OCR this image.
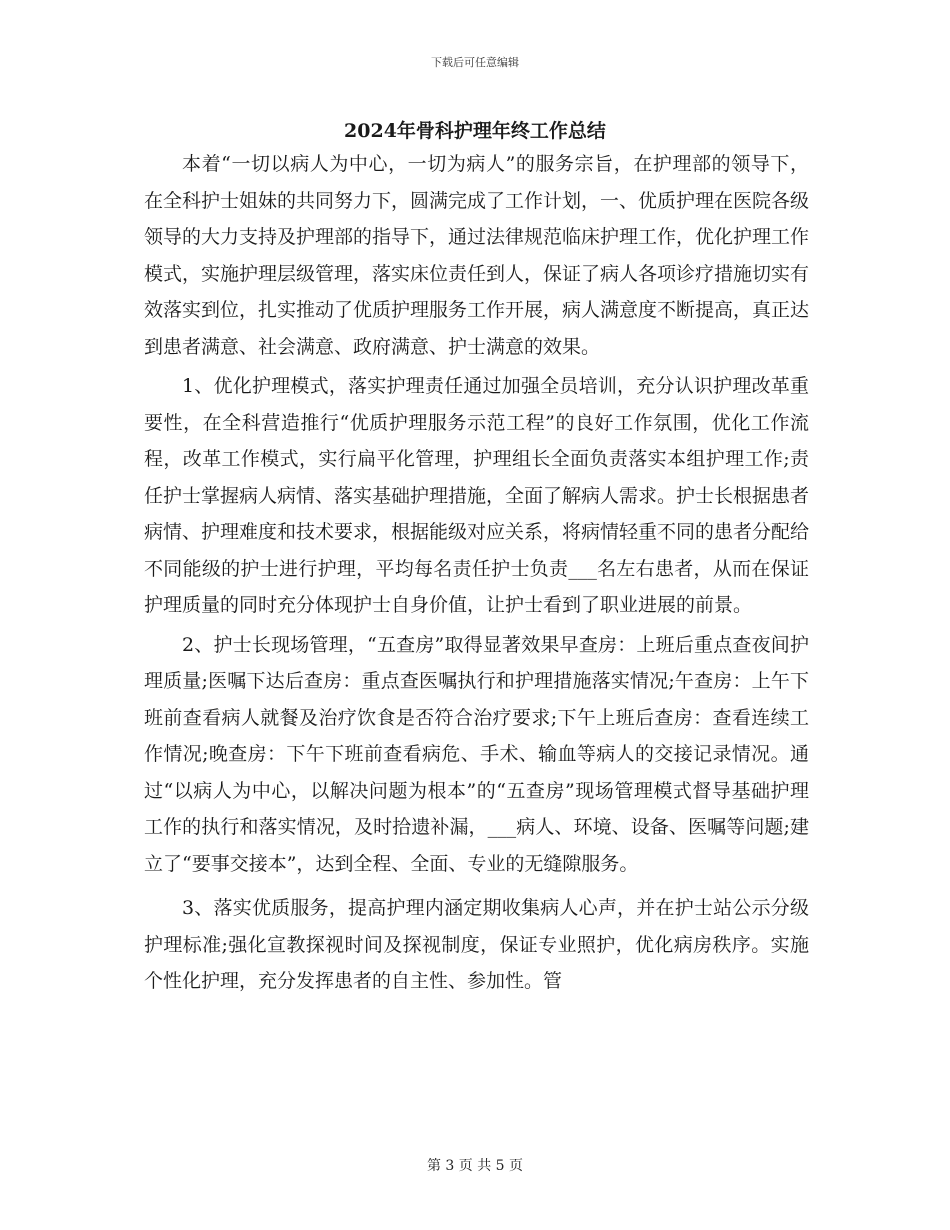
下载后可任意编辑
2024年骨科护理年终工作总结

本着“一切以病人为中心，一切为病人”的服务宗旨，在护理部的领导下，在全科护士姐妹的共同努力下，圆满完成了工作计划，一、优质护理在医院各级领导的大力支持及护理部的指导下，通过法律规范临床护理工作，优化护理工作模式，实施护理层级管理，落实床位责任到人，保证了病人各项诊疗措施切实有效落实到位，扎实推动了优质护理服务工作开展，病人满意度不断提高，真正达到患者满意、社会满意、政府满意、护士满意的效果。

1、优化护理模式，落实护理责任通过加强全员培训，充分认识护理改革重要性，在全科营造推行“优质护理服务示范工程”的良好工作氛围，优化工作流程，改革工作模式，实行扁平化管理，护理组长全面负责落实本组护理工作;责任护士掌握病人病情、落实基础护理措施，全面了解病人需求。护士长根据患者病情、护理难度和技术要求，根据能级对应关系，将病情轻重不同的患者分配给不同能级的护士进行护理，平均每名责任护士负责___名左右患者，从而在保证护理质量的同时充分体现护士自身价值，让护士看到了职业进展的前景。

2、护士长现场管理，“五查房”取得显著效果早查房：上班后重点查夜间护理质量;医嘱下达后查房：重点查医嘱执行和护理措施落实情况;午查房：上午下班前查看病人就餐及治疗饮食是否符合治疗要求;下午上班后查房：查看连续工作情况;晚查房：下午下班前查看病危、手术、输血等病人的交接记录情况。通过“以病人为中心，以解决问题为根本”的“五查房”现场管理模式督导基础护理工作的执行和落实情况，及时拾遗补漏，___病人、环境、设备、医嘱等问题;建立了“要事交接本”，达到全程、全面、专业的无缝隙服务。

3、落实优质服务，提高护理内涵定期收集病人心声，并在护士站公示分级护理标准;强化宣教探视时间及探视制度，保证专业照护，优化病房秩序。实施个性化护理，充分发挥患者的自主性、参加性。管

第 3 页 共 5 页
